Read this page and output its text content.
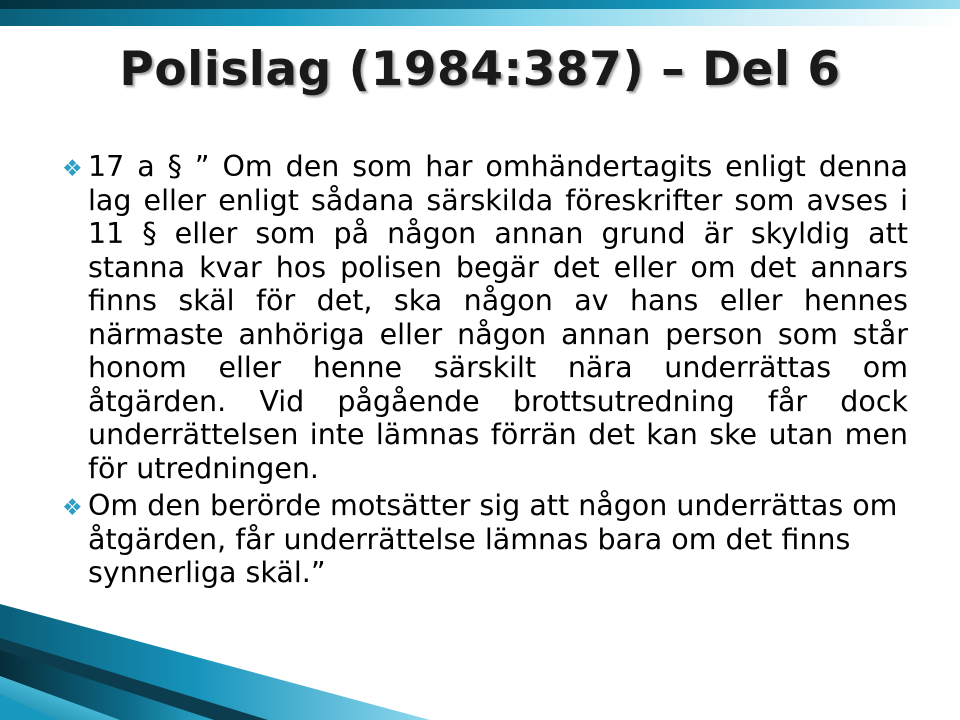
Polislag (1984:387) – Del 6
❖ 17 a § ” Om den som har omhändertagits enligt denna lag eller enligt sådana särskilda föreskrifter som avses i 11 § eller som på någon annan grund är skyldig att stanna kvar hos polisen begär det eller om det annars finns skäl för det, ska någon av hans eller hennes närmaste anhöriga eller någon annan person som står honom eller henne särskilt nära underrättas om åtgärden. Vid pågående brottsutredning får dock underrättelsen inte lämnas förrän det kan ske utan men för utredningen.
❖ Om den berörde motsätter sig att någon underrättas om åtgärden, får underrättelse lämnas bara om det finns synnerliga skäl.”
